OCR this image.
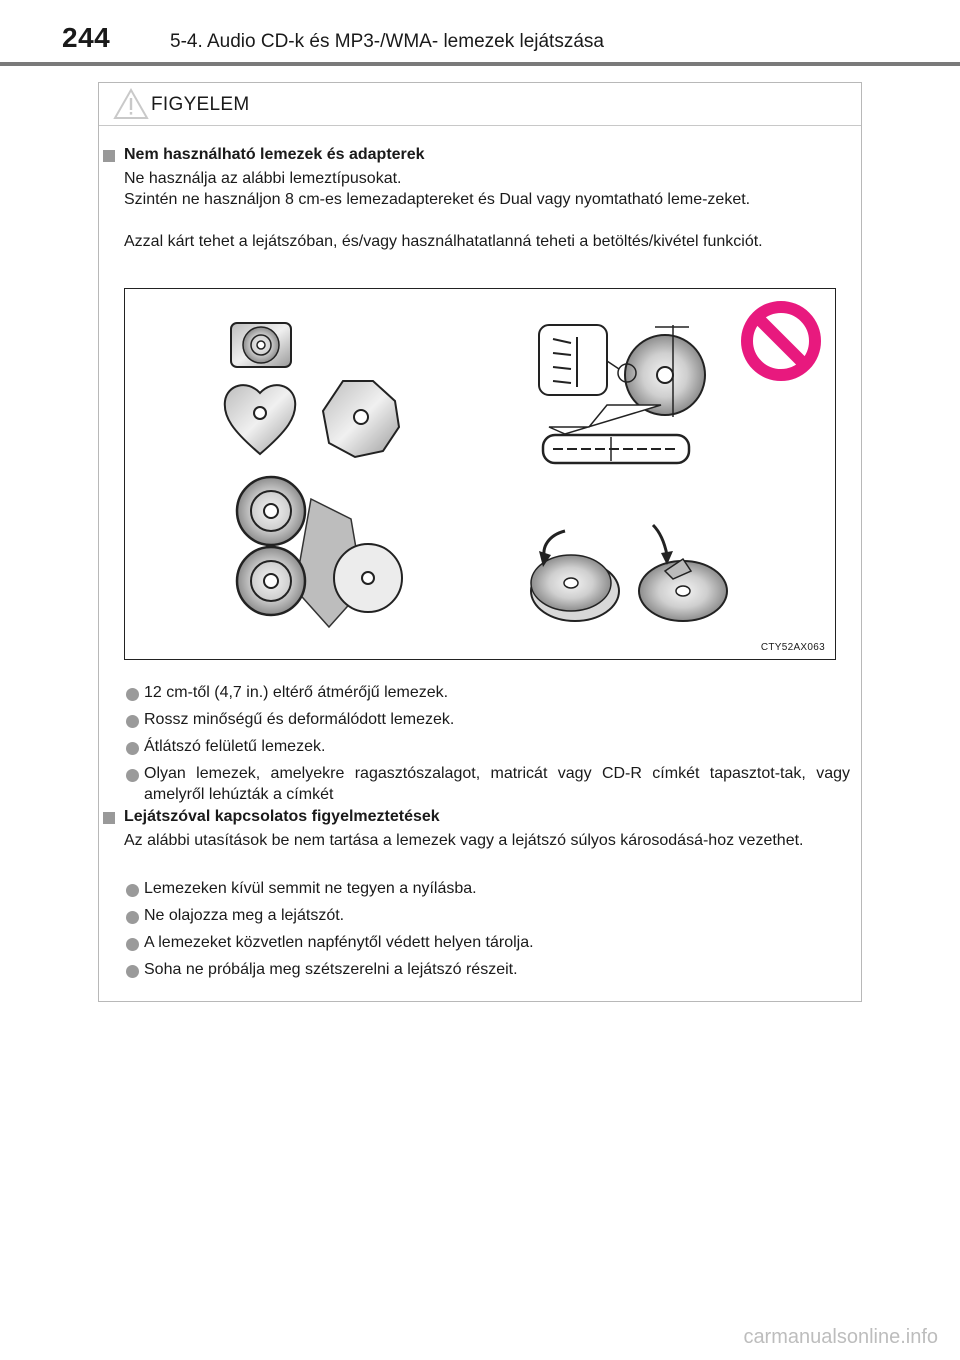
244	5-4. Audio CD-k és MP3-/WMA- lemezek lejátszása
FIGYELEM
Nem használható lemezek és adapterek
Ne használja az alábbi lemeztípusokat.
Szintén ne használjon 8 cm-es lemezadaptereket és Dual vagy nyomtatható leme-zeket.
Azzal kárt tehet a lejátszóban, és/vagy használhatatlanná teheti a betöltés/kivétel funkciót.
CTY52AX063
12 cm-től (4,7 in.) eltérő átmérőjű lemezek.
Rossz minőségű és deformálódott lemezek.
Átlátszó felületű lemezek.
Olyan lemezek, amelyekre ragasztószalagot, matricát vagy CD-R címkét tapasztot-tak, vagy amelyről lehúzták a címkét
Lejátszóval kapcsolatos figyelmeztetések
Az alábbi utasítások be nem tartása a lemezek vagy a lejátszó súlyos károsodásá-hoz vezethet.
Lemezeken kívül semmit ne tegyen a nyílásba.
Ne olajozza meg a lejátszót.
A lemezeket közvetlen napfénytől védett helyen tárolja.
Soha ne próbálja meg szétszerelni a lejátszó részeit.
carmanualsonline.info
